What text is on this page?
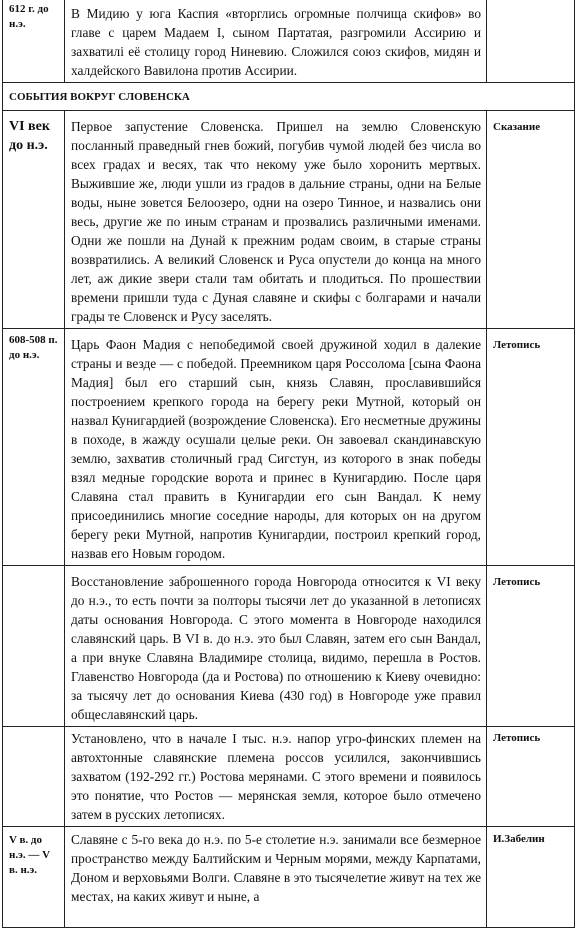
612 г. до н.э.	В Мидию у юга Каспия «вторглись огромные полчища скифов» во главе с царем Мадаем I, сыном Партатая, разгромили Ассирию и захватилi её столицу город Ниневию. Сложился союз скифов, мидян и халдейского Вавилона против Ассирии.	

СОБЫТИЯ ВОКРУГ СЛОВЕНСКА		

VI век до н.э.	Первое запустение Словенска. Пришел на землю Словенскую посланный праведный гнев божий, погубив чумой людей без числа во всех градах и весях, так что некому уже было хоронить мертвых. Выжившие же, люди ушли из градов в дальние страны, одни на Белые воды, ныне зовется Белоозеро, одни на озеро Тинное, и назвались они весь, другие же по иным странам и прозвались различными именами. Одни же пошли на Дунай к прежним родам своим, в старые страны возвратились. А великий Словенск и Руса опустели до конца на много лет, аж дикие звери стали там обитать и плодиться. По прошествии времени пришли туда с Дуная славяне и скифы с болгарами и начали грады те Словенск и Русу заселять.	Сказание

608-508 п. до н.э.	Царь Фаон Мадия с непобедимой своей дружиной ходил в далекие страны и везде — с победой. Преемником царя Россолома [сына Фаона Мадия] был его старший сын, князь Славян, прославившийся построением крепкого города на берегу реки Мутной, который он назвал Кунигардией (возрождение Словенска). Его несметные дружины в походе, в жажду осушали целые реки. Он завоевал скандинавскую землю, захватив столичный град Сигстун, из которого в знак победы взял медные городские ворота и принес в Кунигардию. После царя Славяна стал править в Кунигардии его сын Вандал. К нему присоединились многие соседние народы, для которых он на другом берегу реки Мутной, напротив Кунигардии, построил крепкий город, назвав его Новым городом.	Летопись

	Восстановление заброшенного города Новгорода относится к VI веку до н.э., то есть почти за полторы тысячи лет до указанной в летописях даты основания Новгорода. С этого момента в Новгороде находился славянский царь. В VI в. до н.э. это был Славян, затем его сын Вандал, а при внуке Славяна Владимире столица, видимо, перешла в Ростов. Главенство Новгорода (да и Ростова) по отношению к Киеву очевидно: за тысячу лет до основания Киева (430 год) в Новгороде уже правил общеславянский царь.	Летопись

	Установлено, что в начале I тыс. н.э. напор угро-финских племен на автохтонные славянские племена россов усилился, закончившись захватом (192-292 гг.) Ростова мерянами. С этого времени и появилось это понятие, что Ростов — мерянская земля, которое было отмечено затем в русских летописях.	Летопись

V в. до н.э. — V в. н.э.	Славяне с 5-го века до н.э. по 5-е столетие н.э. занимали все безмерное пространство между Балтийским и Черным морями, между Карпатами, Доном и верховьями Волги. Славяне в это тысячелетие живут на тех же местах, на каких живут и ныне, а	И.Забелин
